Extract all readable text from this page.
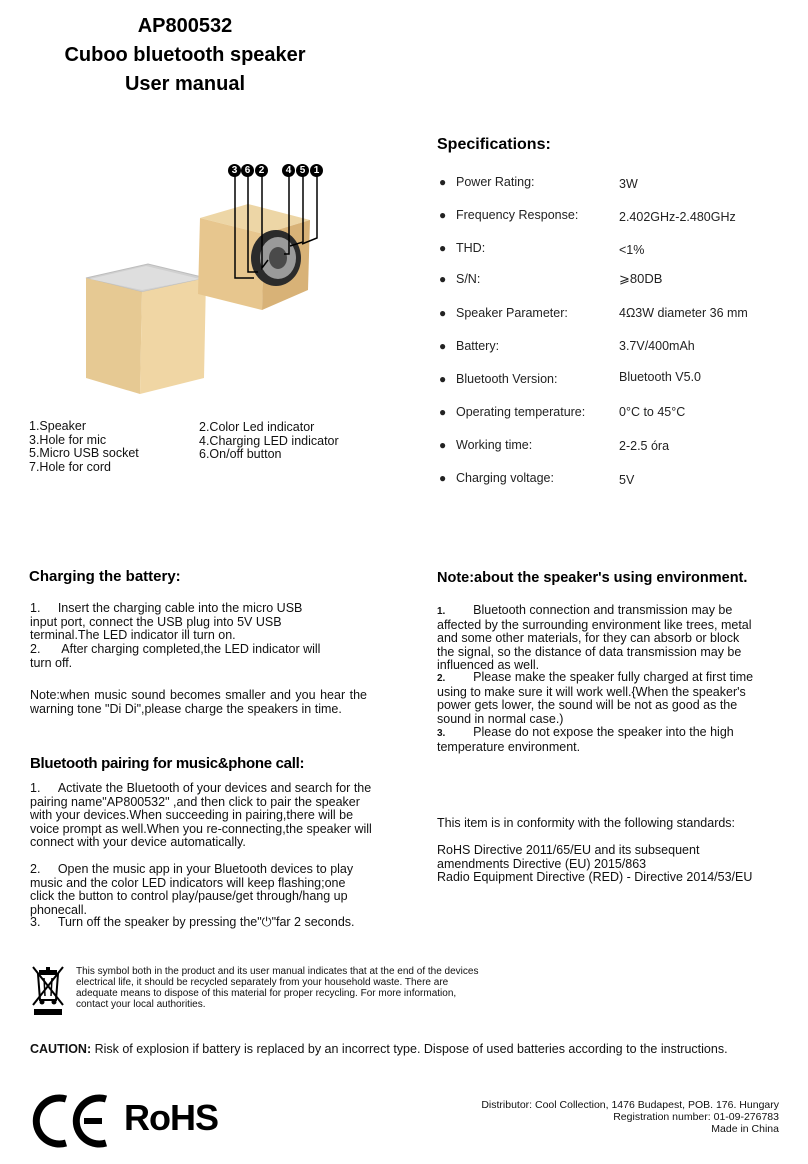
AP800532
Cuboo bluetooth speaker
User manual
3 6 2	4 5 1
1.Speaker
3.Hole for mic
5.Micro USB socket
7.Hole for cord
2.Color Led indicator
4.Charging LED indicator
6.On/off button
Specifications:
● Power Rating:	3W
● Frequency Response:	2.402GHz-2.480GHz
● THD:	<1%
● S/N:	⩾80DB
● Speaker Parameter:	4Ω3W diameter 36 mm
● Battery:	3.7V/400mAh
● Bluetooth Version:	Bluetooth V5.0
● Operating temperature:	0°C to 45°C
● Working time:	2-2.5 óra
● Charging voltage:	5V
Charging the battery:
1. Insert the charging cable into the micro USB input port, connect the USB plug into 5V USB terminal.The LED indicator ill turn on.
2. After charging completed,the LED indicator will turn off.
Note:when music sound becomes smaller and you hear the warning tone "Di Di",please charge the speakers in time.
Bluetooth pairing for music&phone call:
1. Activate the Bluetooth of your devices and search for the pairing name"AP800532" ,and then click to pair the speaker with your devices.When succeeding in pairing,there will be voice prompt as well.When you re-connecting,the speaker will connect with your device automatically.
2. Open the music app in your Bluetooth devices to play music and the color LED indicators will keep flashing;one click the button to control play/pause/get through/hang up phonecall.
3. Turn off the speaker by pressing the"⏻"far 2 seconds.
Note:about the speaker's using environment.
1. Bluetooth connection and transmission may be affected by the surrounding environment like trees, metal and some other materials, for they can absorb or block the signal, so the distance of data transmission may be influenced as well.
2. Please make the speaker fully charged at first time using to make sure it will work well.{When the speaker's power gets lower, the sound will be not as good as the sound in normal case.)
3. Please do not expose the speaker into the high temperature environment.
This item is in conformity with the following standards:
RoHS Directive 2011/65/EU and its subsequent
amendments Directive (EU) 2015/863
Radio Equipment Directive (RED) - Directive 2014/53/EU
This symbol both in the product and its user manual indicates that at the end of the devices electrical life, it should be recycled separately from your household waste. There are adequate means to dispose of this material for proper recycling. For more information, contact your local authorities.
CAUTION: Risk of explosion if battery is replaced by an incorrect type. Dispose of used batteries according to the instructions.
RoHS	Distributor: Cool Collection, 1476 Budapest, POB. 176. Hungary
Registration number: 01-09-276783
Made in China
